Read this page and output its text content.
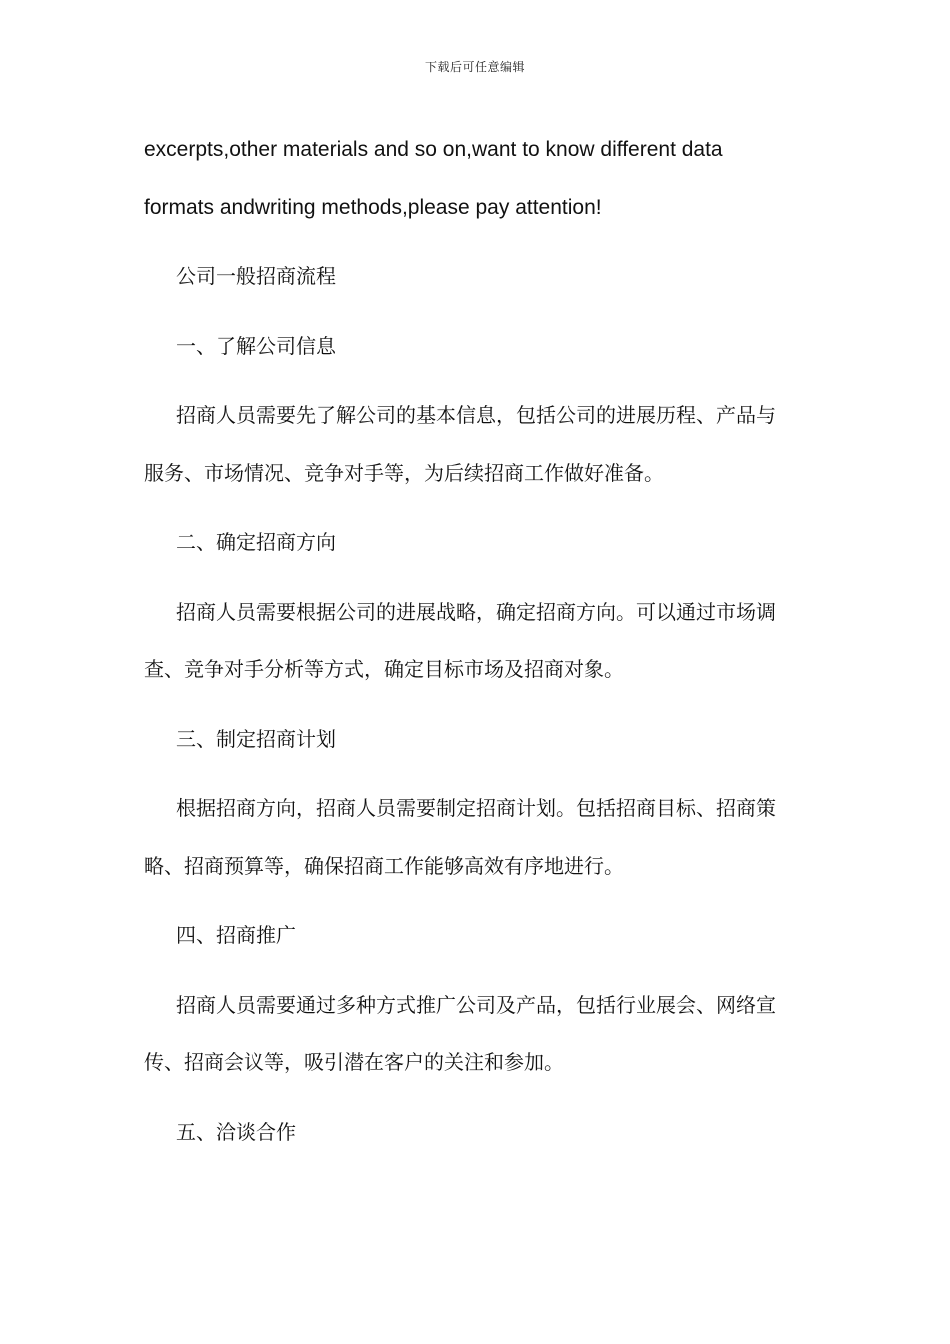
下载后可任意编辑
excerpts,other materials and so on,want to know different data
formats andwriting methods,please pay attention!
公司一般招商流程
一、了解公司信息
招商人员需要先了解公司的基本信息，包括公司的进展历程、产品与
服务、市场情况、竞争对手等，为后续招商工作做好准备。
二、确定招商方向
招商人员需要根据公司的进展战略，确定招商方向。可以通过市场调
查、竞争对手分析等方式，确定目标市场及招商对象。
三、制定招商计划
根据招商方向，招商人员需要制定招商计划。包括招商目标、招商策
略、招商预算等，确保招商工作能够高效有序地进行。
四、招商推广
招商人员需要通过多种方式推广公司及产品，包括行业展会、网络宣
传、招商会议等，吸引潜在客户的关注和参加。
五、洽谈合作
